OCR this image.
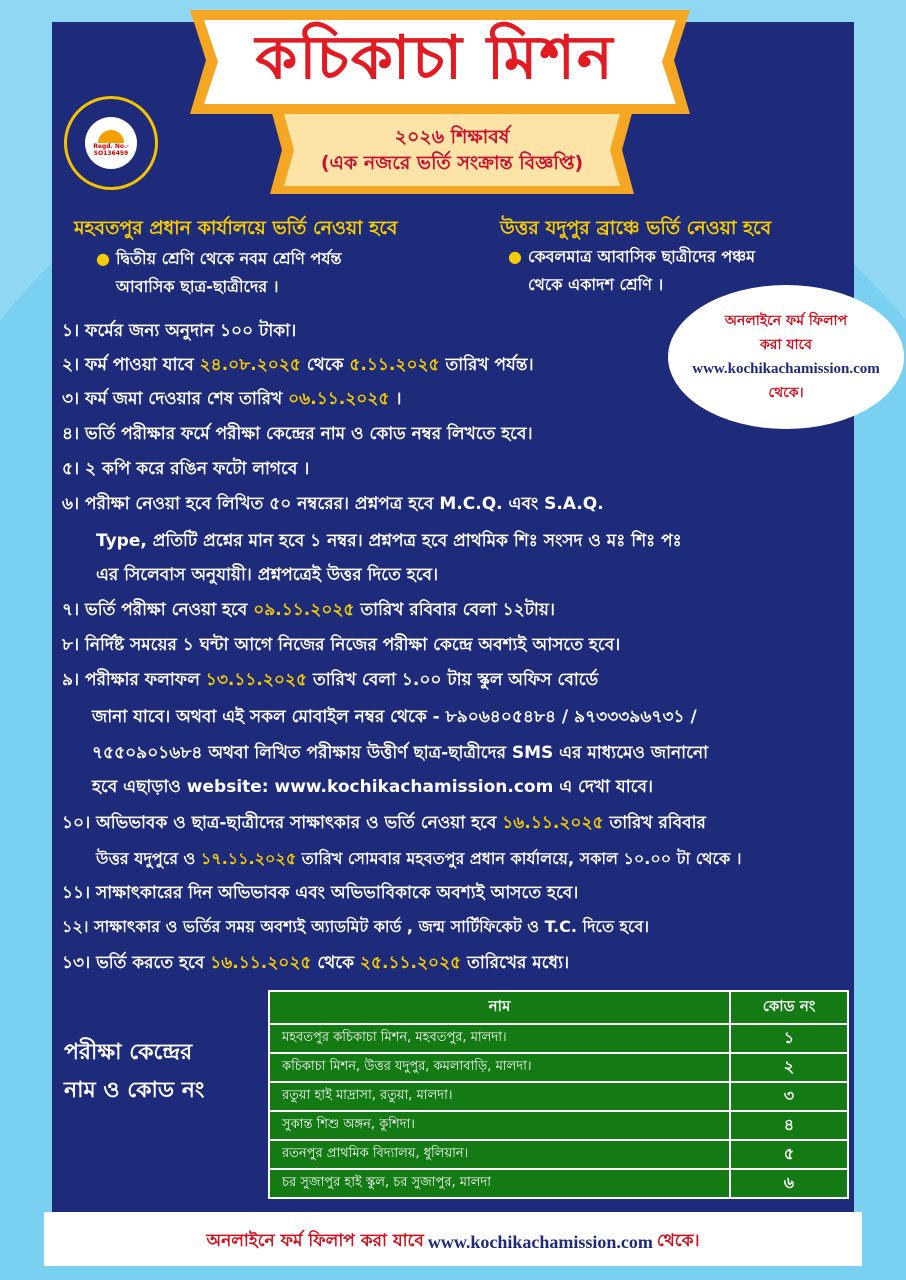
কচিকাচা মিশন
Regd. No.-
SO136459
২০২৬ শিক্ষাবর্ষ
(এক নজরে ভর্তি সংক্রান্ত বিজ্ঞপ্তি)
মহবতপুর প্রধান কার্যালয়ে ভর্তি নেওয়া হবে
● দ্বিতীয় শ্রেণি থেকে নবম শ্রেণি পর্যন্ত
আবাসিক ছাত্র-ছাত্রীদের ।
উত্তর যদুপুর ব্রাঞ্চে ভর্তি নেওয়া হবে
● কেবলমাত্র আবাসিক ছাত্রীদের পঞ্চম
থেকে একাদশ শ্রেণি ।
অনলাইনে ফর্ম ফিলাপ
করা যাবে
www.kochikachamission.com
থেকে।
১। ফর্মের জন্য অনুদান ১০০ টাকা।
২। ফর্ম পাওয়া যাবে ২৪.০৮.২০২৫ থেকে ৫.১১.২০২৫ তারিখ পর্যন্ত।
৩। ফর্ম জমা দেওয়ার শেষ তারিখ ০৬.১১.২০২৫ ।
৪। ভর্তি পরীক্ষার ফর্মে পরীক্ষা কেন্দ্রের নাম ও কোড নম্বর লিখতে হবে।
৫। ২ কপি করে রঙিন ফটো লাগবে ।
৬। পরীক্ষা নেওয়া হবে লিখিত ৫০ নম্বরের। প্রশ্নপত্র হবে M.C.Q. এবং S.A.Q.
Type, প্রতিটি প্রশ্নের মান হবে ১ নম্বর। প্রশ্নপত্র হবে প্রাথমিক শিঃ সংসদ ও মঃ শিঃ পঃ
এর সিলেবাস অনুযায়ী। প্রশ্নপত্রেই উত্তর দিতে হবে।
৭। ভর্তি পরীক্ষা নেওয়া হবে ০৯.১১.২০২৫ তারিখ রবিবার বেলা ১২টায়।
৮। নির্দিষ্ট সময়ের ১ ঘন্টা আগে নিজের নিজের পরীক্ষা কেন্দ্রে অবশ্যই আসতে হবে।
৯। পরীক্ষার ফলাফল ১৩.১১.২০২৫ তারিখ বেলা ১.০০ টায় স্কুল অফিস বোর্ডে
জানা যাবে। অথবা এই সকল মোবাইল নম্বর থেকে - ৮৯০৬৪০৫৪৮৪ / ৯৭৩৩৩৯৬৭৩১ /
৭৫৫০৯০১৬৮৪ অথবা লিখিত পরীক্ষায় উত্তীর্ণ ছাত্র-ছাত্রীদের SMS এর মাধ্যমেও জানানো
হবে এছাড়াও website: www.kochikachamission.com এ দেখা যাবে।
১০। অভিভাবক ও ছাত্র-ছাত্রীদের সাক্ষাৎকার ও ভর্তি নেওয়া হবে ১৬.১১.২০২৫ তারিখ রবিবার
উত্তর যদুপুরে ও ১৭.১১.২০২৫ তারিখ সোমবার মহবতপুর প্রধান কার্যালয়ে, সকাল ১০.০০ টা থেকে ।
১১। সাক্ষাৎকারের দিন অভিভাবক এবং অভিভাবিকাকে অবশ্যই আসতে হবে।
১২। সাক্ষাৎকার ও ভর্তির সময় অবশ্যই অ্যাডমিট কার্ড , জন্ম সার্টিফিকেট ও T.C. দিতে হবে।
১৩। ভর্তি করতে হবে ১৬.১১.২০২৫ থেকে ২৫.১১.২০২৫ তারিখের মধ্যে।
পরীক্ষা কেন্দ্রের
নাম ও কোড নং
নাম	কোড নং
মহবতপুর কচিকাচা মিশন, মহবতপুর, মালদা।	১
কচিকাচা মিশন, উত্তর যদুপুর, কমলাবাড়ি, মালদা।	২
রতুয়া হাই মাদ্রাসা, রতুয়া, মালদা।	৩
সুকান্ত শিশু অঙ্গন, কুশিদা।	৪
রতনপুর প্রাথমিক বিদ্যালয়, ধুলিয়ান।	৫
চর সুজাপুর হাই স্কুল, চর সুজাপুর, মালদা	৬
অনলাইনে ফর্ম ফিলাপ করা যাবে www.kochikachamission.com থেকে।
